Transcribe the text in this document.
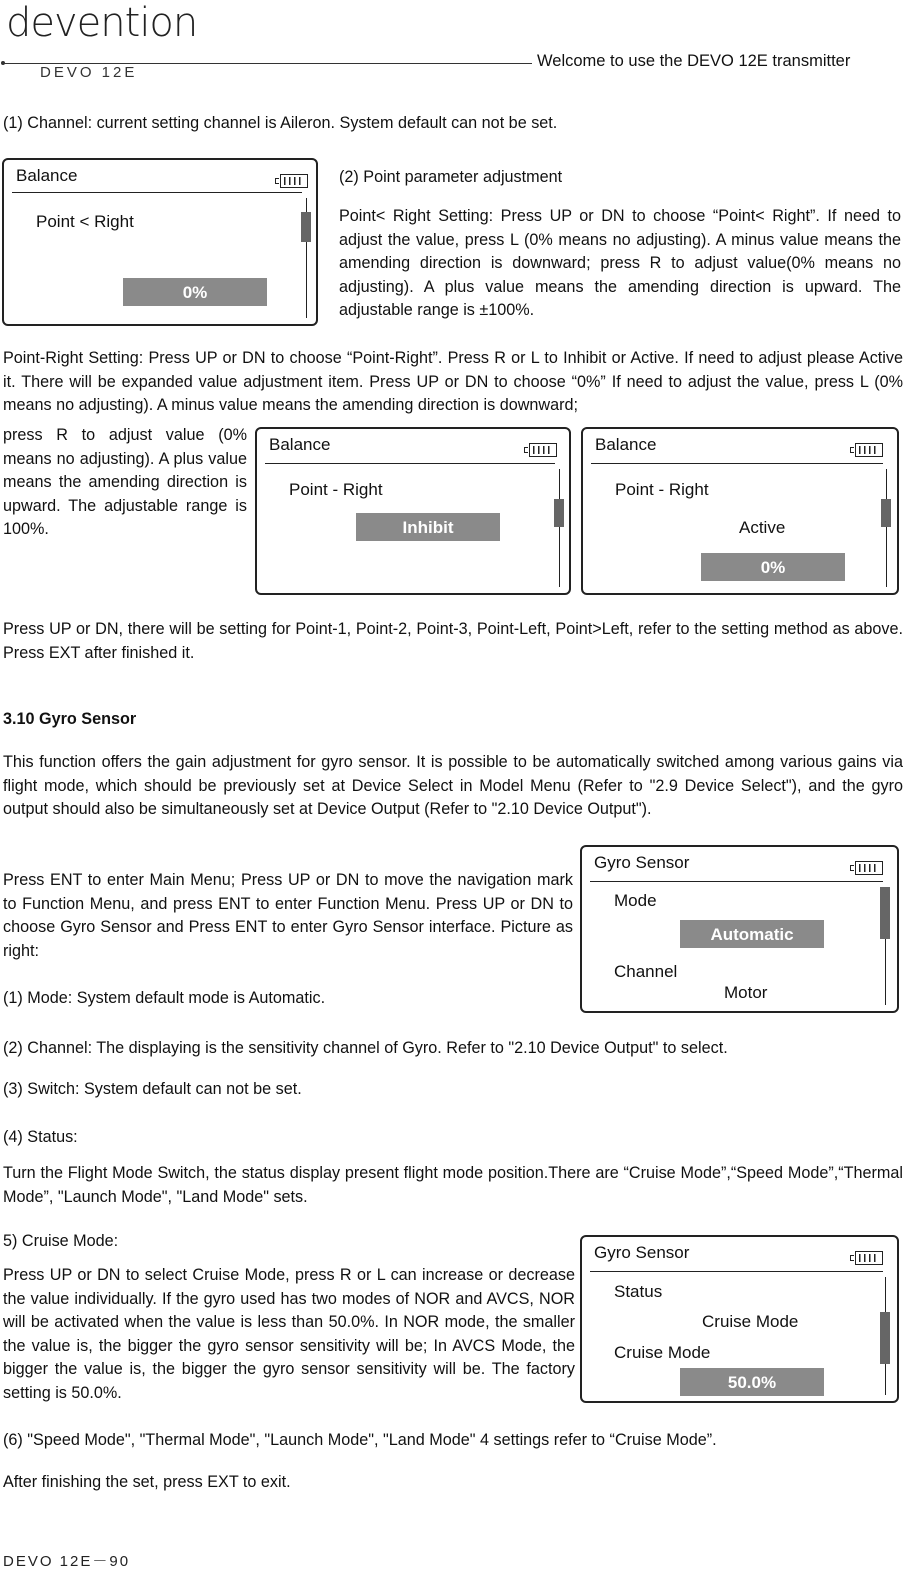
devention
DEVO 12E
Welcome to use the DEVO 12E transmitter

(1) Channel: current setting channel is Aileron. System default can not be set.

Balance
Point < Right
0%

(2) Point parameter adjustment

Point< Right Setting: Press UP or DN to choose “Point< Right”. If need to adjust the value, press L (0% means no adjusting). A minus value means the amending direction is downward; press R to adjust value(0% means no adjusting). A plus value means the amending direction is upward. The adjustable range is ±100%.

Point-Right Setting: Press UP or DN to choose “Point-Right”. Press R or L to Inhibit or Active. If need to adjust please Active it. There will be expanded value adjustment item. Press UP or DN to choose “0%” If need to adjust the value, press L (0% means no adjusting). A minus value means the amending direction is downward;

press R to adjust value (0% means no adjusting). A plus value means the amending direction is upward. The adjustable range is 100%.

Balance
Point - Right
Inhibit
Balance
Point - Right
Active
0%

Press UP or DN, there will be setting for Point-1, Point-2, Point-3, Point-Left, Point>Left, refer to the setting method as above. Press EXT after finished it.

3.10 Gyro Sensor

This function offers the gain adjustment for gyro sensor. It is possible to be automatically switched among various gains via flight mode, which should be previously set at Device Select in Model Menu (Refer to "2.9 Device Select"), and the gyro output should also be simultaneously set at Device Output (Refer to "2.10 Device Output").

Press ENT to enter Main Menu; Press UP or DN to move the navigation mark to Function Menu, and press ENT to enter Function Menu. Press UP or DN to choose Gyro Sensor and Press ENT to enter Gyro Sensor interface. Picture as right:

(1) Mode: System default mode is Automatic.

Gyro Sensor
Mode
Automatic
Channel
Motor

(2) Channel: The displaying is the sensitivity channel of Gyro. Refer to "2.10 Device Output" to select.

(3) Switch: System default can not be set.

(4) Status:

Turn the Flight Mode Switch, the status display present flight mode position.There are “Cruise Mode”,“Speed Mode”,“Thermal Mode”, "Launch Mode", "Land Mode" sets.

5) Cruise Mode:

Press UP or DN to select Cruise Mode, press R or L can increase or decrease the value individually. If the gyro used has two modes of NOR and AVCS, NOR will be activated when the value is less than 50.0%. In NOR mode, the smaller the value is, the bigger the gyro sensor sensitivity will be; In AVCS Mode, the bigger the value is, the bigger the gyro sensor sensitivity will be. The factory setting is 50.0%.

Gyro Sensor
Status
Cruise Mode
Cruise Mode
50.0%

(6) "Speed Mode", "Thermal Mode", "Launch Mode", "Land Mode" 4 settings refer to “Cruise Mode”.

After finishing the set, press EXT to exit.

DEVO 12E－90
